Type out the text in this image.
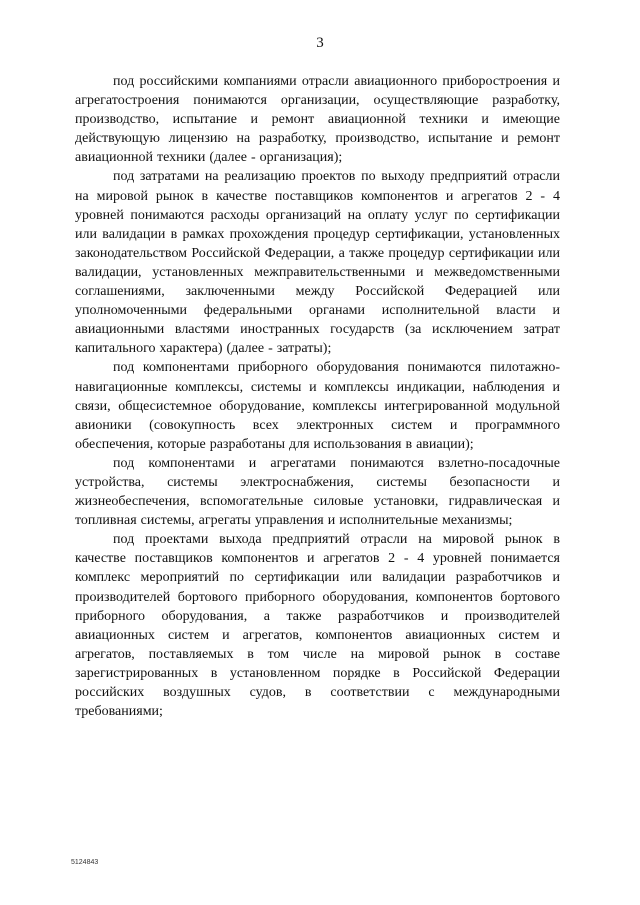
3

под российскими компаниями отрасли авиационного приборостроения и агрегатостроения понимаются организации, осуществляющие разработку, производство, испытание и ремонт авиационной техники и имеющие действующую лицензию на разработку, производство, испытание и ремонт авиационной техники (далее - организация);

под затратами на реализацию проектов по выходу предприятий отрасли на мировой рынок в качестве поставщиков компонентов и агрегатов 2 - 4 уровней понимаются расходы организаций на оплату услуг по сертификации или валидации в рамках прохождения процедур сертификации, установленных законодательством Российской Федерации, а также процедур сертификации или валидации, установленных межправительственными и межведомственными соглашениями, заключенными между Российской Федерацией или уполномоченными федеральными органами исполнительной власти и авиационными властями иностранных государств (за исключением затрат капитального характера) (далее - затраты);

под компонентами приборного оборудования понимаются пилотажно-навигационные комплексы, системы и комплексы индикации, наблюдения и связи, общесистемное оборудование, комплексы интегрированной модульной авионики (совокупность всех электронных систем и программного обеспечения, которые разработаны для использования в авиации);

под компонентами и агрегатами понимаются взлетно-посадочные устройства, системы электроснабжения, системы безопасности и жизнеобеспечения, вспомогательные силовые установки, гидравлическая и топливная системы, агрегаты управления и исполнительные механизмы;

под проектами выхода предприятий отрасли на мировой рынок в качестве поставщиков компонентов и агрегатов 2 - 4 уровней понимается комплекс мероприятий по сертификации или валидации разработчиков и производителей бортового приборного оборудования, компонентов бортового приборного оборудования, а также разработчиков и производителей авиационных систем и агрегатов, компонентов авиационных систем и агрегатов, поставляемых в том числе на мировой рынок в составе зарегистрированных в установленном порядке в Российской Федерации российских воздушных судов, в соответствии с международными требованиями;

5124843
